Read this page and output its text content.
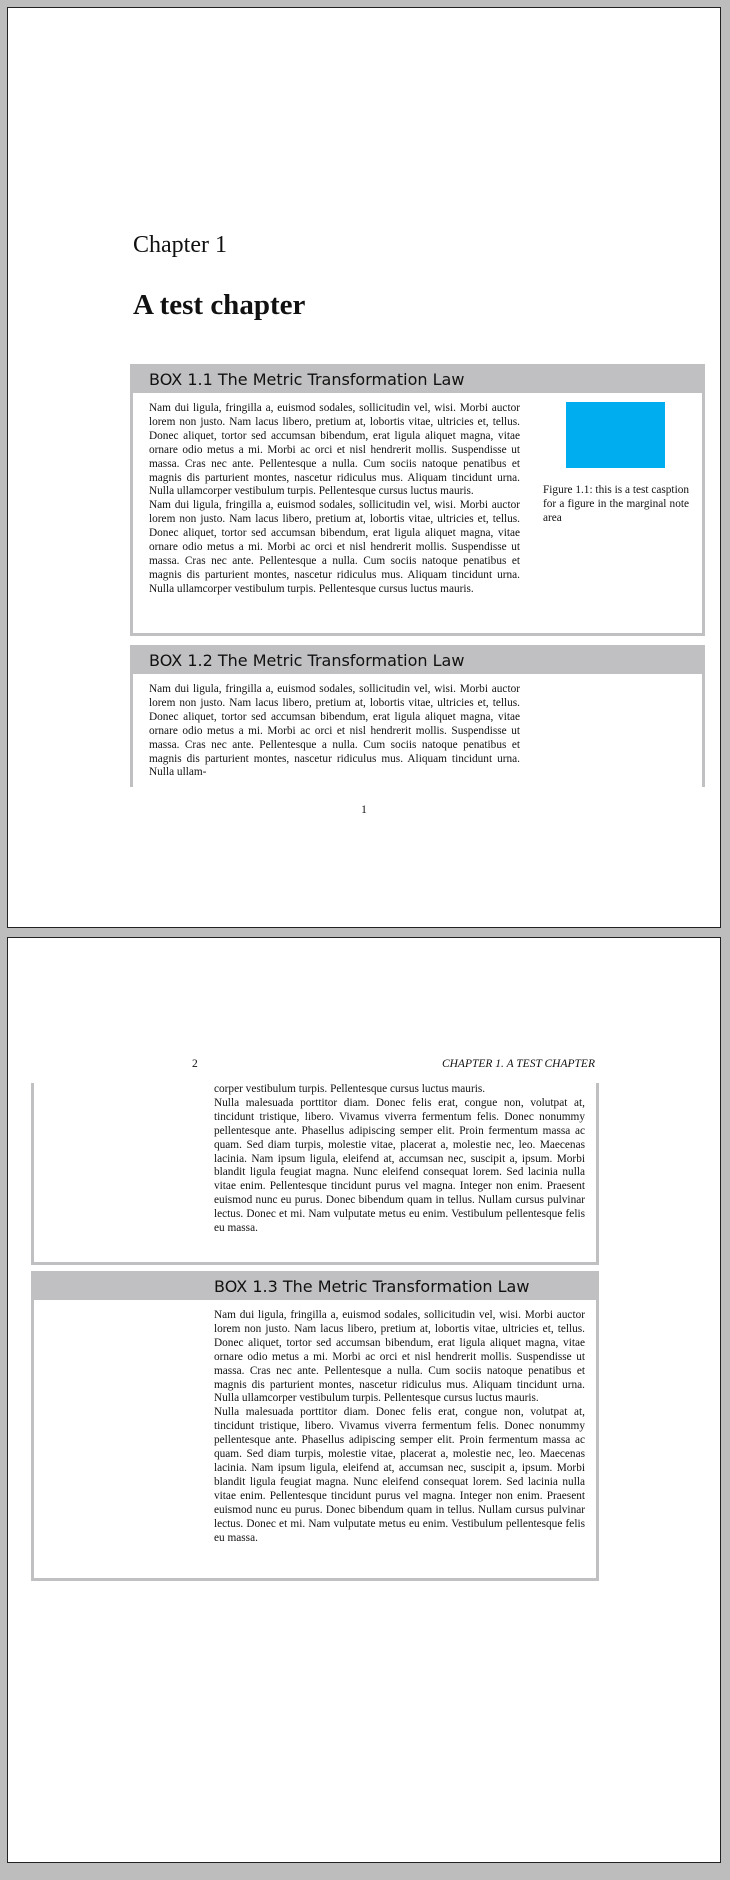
Chapter 1
A test chapter
BOX 1.1 The Metric Transformation Law

Nam dui ligula, fringilla a, euismod sodales, sollicitudin vel, wisi. Morbi auctor lorem non justo. Nam lacus libero, pretium at, lobortis vitae, ultricies et, tellus. Donec aliquet, tortor sed accumsan bibendum, erat ligula aliquet magna, vitae ornare odio metus a mi. Morbi ac orci et nisl hendrerit mollis. Suspendisse ut massa. Cras nec ante. Pellentesque a nulla. Cum sociis natoque penatibus et magnis dis parturient montes, nascetur ridiculus mus. Aliquam tincidunt urna. Nulla ullamcorper vestibulum turpis. Pellentesque cursus luctus mauris.

Nam dui ligula, fringilla a, euismod sodales, sollicitudin vel, wisi. Morbi auctor lorem non justo. Nam lacus libero, pretium at, lobortis vitae, ultricies et, tellus. Donec aliquet, tortor sed accumsan bibendum, erat ligula aliquet magna, vitae ornare odio metus a mi. Morbi ac orci et nisl hendrerit mollis. Suspendisse ut massa. Cras nec ante. Pellentesque a nulla. Cum sociis natoque penatibus et magnis dis parturient montes, nascetur ridiculus mus. Aliquam tincidunt urna. Nulla ullamcorper vestibulum turpis. Pellentesque cursus luctus mauris.

Figure 1.1: this is a test casption for a figure in the marginal note area
BOX 1.2 The Metric Transformation Law

Nam dui ligula, fringilla a, euismod sodales, sollicitudin vel, wisi. Morbi auctor lorem non justo. Nam lacus libero, pretium at, lobortis vitae, ultricies et, tellus. Donec aliquet, tortor sed accumsan bibendum, erat ligula aliquet magna, vitae ornare odio metus a mi. Morbi ac orci et nisl hendrerit mollis. Suspendisse ut massa. Cras nec ante. Pellentesque a nulla. Cum sociis natoque penatibus et magnis dis parturient montes, nascetur ridiculus mus. Aliquam tincidunt urna. Nulla ullam-

1
2	CHAPTER 1. A TEST CHAPTER

corper vestibulum turpis. Pellentesque cursus luctus mauris.

Nulla malesuada porttitor diam. Donec felis erat, congue non, volutpat at, tincidunt tristique, libero. Vivamus viverra fermentum felis. Donec nonummy pellentesque ante. Phasellus adipiscing semper elit. Proin fermentum massa ac quam. Sed diam turpis, molestie vitae, placerat a, molestie nec, leo. Maecenas lacinia. Nam ipsum ligula, eleifend at, accumsan nec, suscipit a, ipsum. Morbi blandit ligula feugiat magna. Nunc eleifend consequat lorem. Sed lacinia nulla vitae enim. Pellentesque tincidunt purus vel magna. Integer non enim. Praesent euismod nunc eu purus. Donec bibendum quam in tellus. Nullam cursus pulvinar lectus. Donec et mi. Nam vulputate metus eu enim. Vestibulum pellentesque felis eu massa.

BOX 1.3 The Metric Transformation Law

Nam dui ligula, fringilla a, euismod sodales, sollicitudin vel, wisi. Morbi auctor lorem non justo. Nam lacus libero, pretium at, lobortis vitae, ultricies et, tellus. Donec aliquet, tortor sed accumsan bibendum, erat ligula aliquet magna, vitae ornare odio metus a mi. Morbi ac orci et nisl hendrerit mollis. Suspendisse ut massa. Cras nec ante. Pellentesque a nulla. Cum sociis natoque penatibus et magnis dis parturient montes, nascetur ridiculus mus. Aliquam tincidunt urna. Nulla ullamcorper vestibulum turpis. Pellentesque cursus luctus mauris.

Nulla malesuada porttitor diam. Donec felis erat, congue non, volutpat at, tincidunt tristique, libero. Vivamus viverra fermentum felis. Donec nonummy pellentesque ante. Phasellus adipiscing semper elit. Proin fermentum massa ac quam. Sed diam turpis, molestie vitae, placerat a, molestie nec, leo. Maecenas lacinia. Nam ipsum ligula, eleifend at, accumsan nec, suscipit a, ipsum. Morbi blandit ligula feugiat magna. Nunc eleifend consequat lorem. Sed lacinia nulla vitae enim. Pellentesque tincidunt purus vel magna. Integer non enim. Praesent euismod nunc eu purus. Donec bibendum quam in tellus. Nullam cursus pulvinar lectus. Donec et mi. Nam vulputate metus eu enim. Vestibulum pellentesque felis eu massa.
